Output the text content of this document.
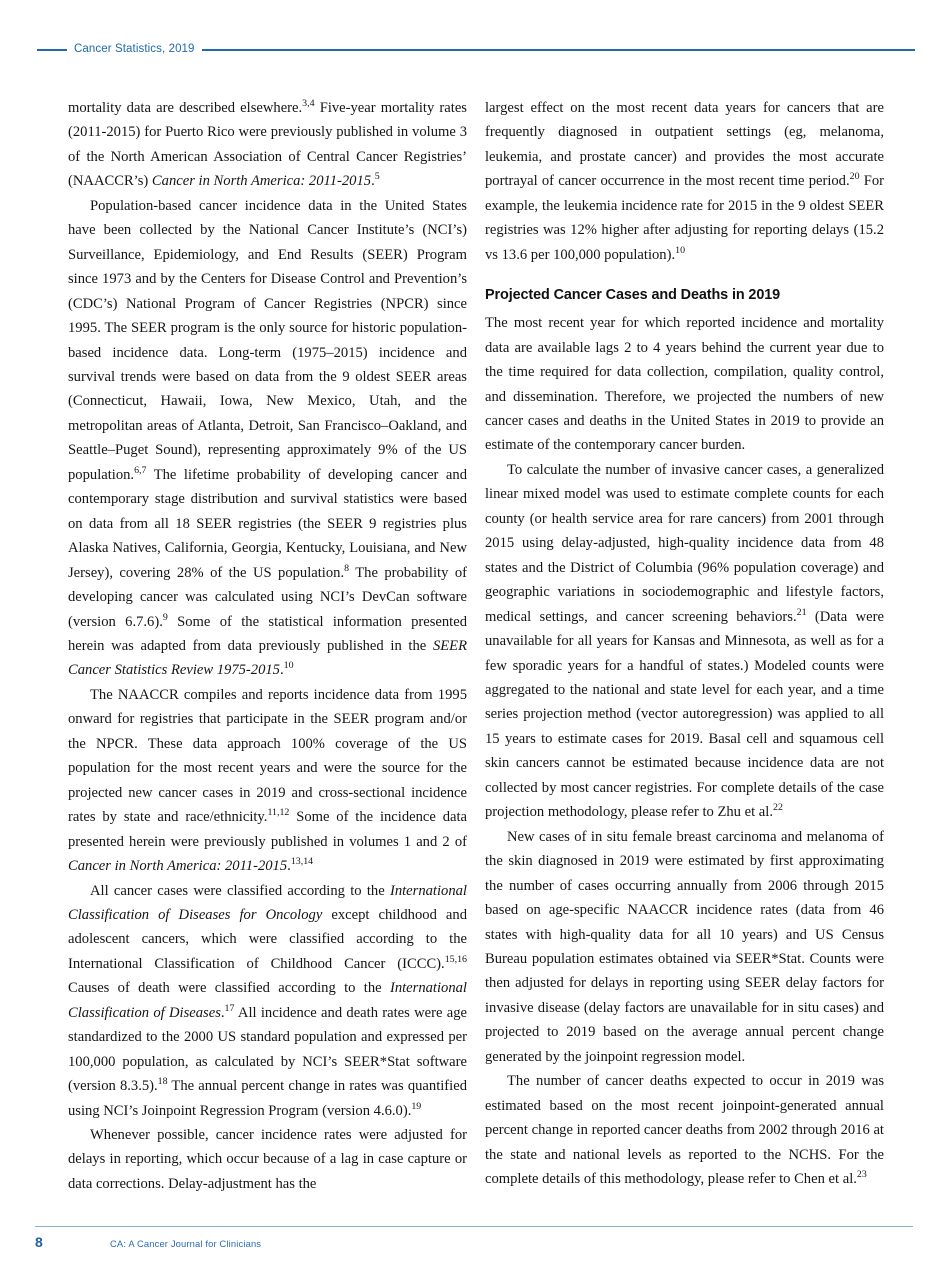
Cancer Statistics, 2019

mortality data are described elsewhere.$^{3,4}$ Five-year mortality rates (2011-2015) for Puerto Rico were previously published in volume 3 of the North American Association of Central Cancer Registries’ (NAACCR’s) Cancer in North America: 2011-2015.$^5$

Population-based cancer incidence data in the United States have been collected by the National Cancer Institute’s (NCI’s) Surveillance, Epidemiology, and End Results (SEER) Program since 1973 and by the Centers for Disease Control and Prevention’s (CDC’s) National Program of Cancer Registries (NPCR) since 1995. The SEER program is the only source for historic population-based incidence data. Long-term (1975–2015) incidence and survival trends were based on data from the 9 oldest SEER areas (Connecticut, Hawaii, Iowa, New Mexico, Utah, and the metropolitan areas of Atlanta, Detroit, San Francisco–Oakland, and Seattle–Puget Sound), representing approximately 9% of the US population.$^{6,7}$ The lifetime probability of developing cancer and contemporary stage distribution and survival statistics were based on data from all 18 SEER registries (the SEER 9 registries plus Alaska Natives, California, Georgia, Kentucky, Louisiana, and New Jersey), covering 28% of the US population.$^8$ The probability of developing cancer was calculated using NCI’s DevCan software (version 6.7.6).$^9$ Some of the statistical information presented herein was adapted from data previously published in the SEER Cancer Statistics Review 1975-2015.10

The NAACCR compiles and reports incidence data from 1995 onward for registries that participate in the SEER program and/or the NPCR. These data approach 100% coverage of the US population for the most recent years and were the source for the projected new cancer cases in 2019 and cross-sectional incidence rates by state and race/ethnicity.$^{11,12}$ Some of the incidence data presented herein were previously published in volumes 1 and 2 of Cancer in North America: 2011-2015.$^{13,14}$

All cancer cases were classified according to the International Classification of Diseases for Oncology except childhood and adolescent cancers, which were classified according to the International Classification of Childhood Cancer (ICCC).$^{15,16}$ Causes of death were classified according to the International Classification of Diseases.$^{17}$ All incidence and death rates were age standardized to the 2000 US standard population and expressed per 100,000 population, as calculated by NCI’s SEER*Stat software (version 8.3.5).$^{18}$ The annual percent change in rates was quantified using NCI’s Joinpoint Regression Program (version 4.6.0).$^{19}$

Whenever possible, cancer incidence rates were adjusted for delays in reporting, which occur because of a lag in case capture or data corrections. Delay-adjustment has the

largest effect on the most recent data years for cancers that are frequently diagnosed in outpatient settings (eg, melanoma, leukemia, and prostate cancer) and provides the most accurate portrayal of cancer occurrence in the most recent time period.$^{20}$ For example, the leukemia incidence rate for 2015 in the 9 oldest SEER registries was 12% higher after adjusting for reporting delays (15.2 vs 13.6 per 100,000 population).$^{10}$

Projected Cancer Cases and Deaths in 2019

The most recent year for which reported incidence and mortality data are available lags 2 to 4 years behind the current year due to the time required for data collection, compilation, quality control, and dissemination. Therefore, we projected the numbers of new cancer cases and deaths in the United States in 2019 to provide an estimate of the contemporary cancer burden.

To calculate the number of invasive cancer cases, a generalized linear mixed model was used to estimate complete counts for each county (or health service area for rare cancers) from 2001 through 2015 using delay-adjusted, high-quality incidence data from 48 states and the District of Columbia (96% population coverage) and geographic variations in sociodemographic and lifestyle factors, medical settings, and cancer screening behaviors.$^{21}$ (Data were unavailable for all years for Kansas and Minnesota, as well as for a few sporadic years for a handful of states.) Modeled counts were aggregated to the national and state level for each year, and a time series projection method (vector autoregression) was applied to all 15 years to estimate cases for 2019. Basal cell and squamous cell skin cancers cannot be estimated because incidence data are not collected by most cancer registries. For complete details of the case projection methodology, please refer to Zhu et al.$^{22}$

New cases of in situ female breast carcinoma and melanoma of the skin diagnosed in 2019 were estimated by first approximating the number of cases occurring annually from 2006 through 2015 based on age-specific NAACCR incidence rates (data from 46 states with high-quality data for all 10 years) and US Census Bureau population estimates obtained via SEER*Stat. Counts were then adjusted for delays in reporting using SEER delay factors for invasive disease (delay factors are unavailable for in situ cases) and projected to 2019 based on the average annual percent change generated by the joinpoint regression model.

The number of cancer deaths expected to occur in 2019 was estimated based on the most recent joinpoint-generated annual percent change in reported cancer deaths from 2002 through 2016 at the state and national levels as reported to the NCHS. For the complete details of this methodology, please refer to Chen et al.$^{23}$

8	CA: A Cancer Journal for Clinicians
